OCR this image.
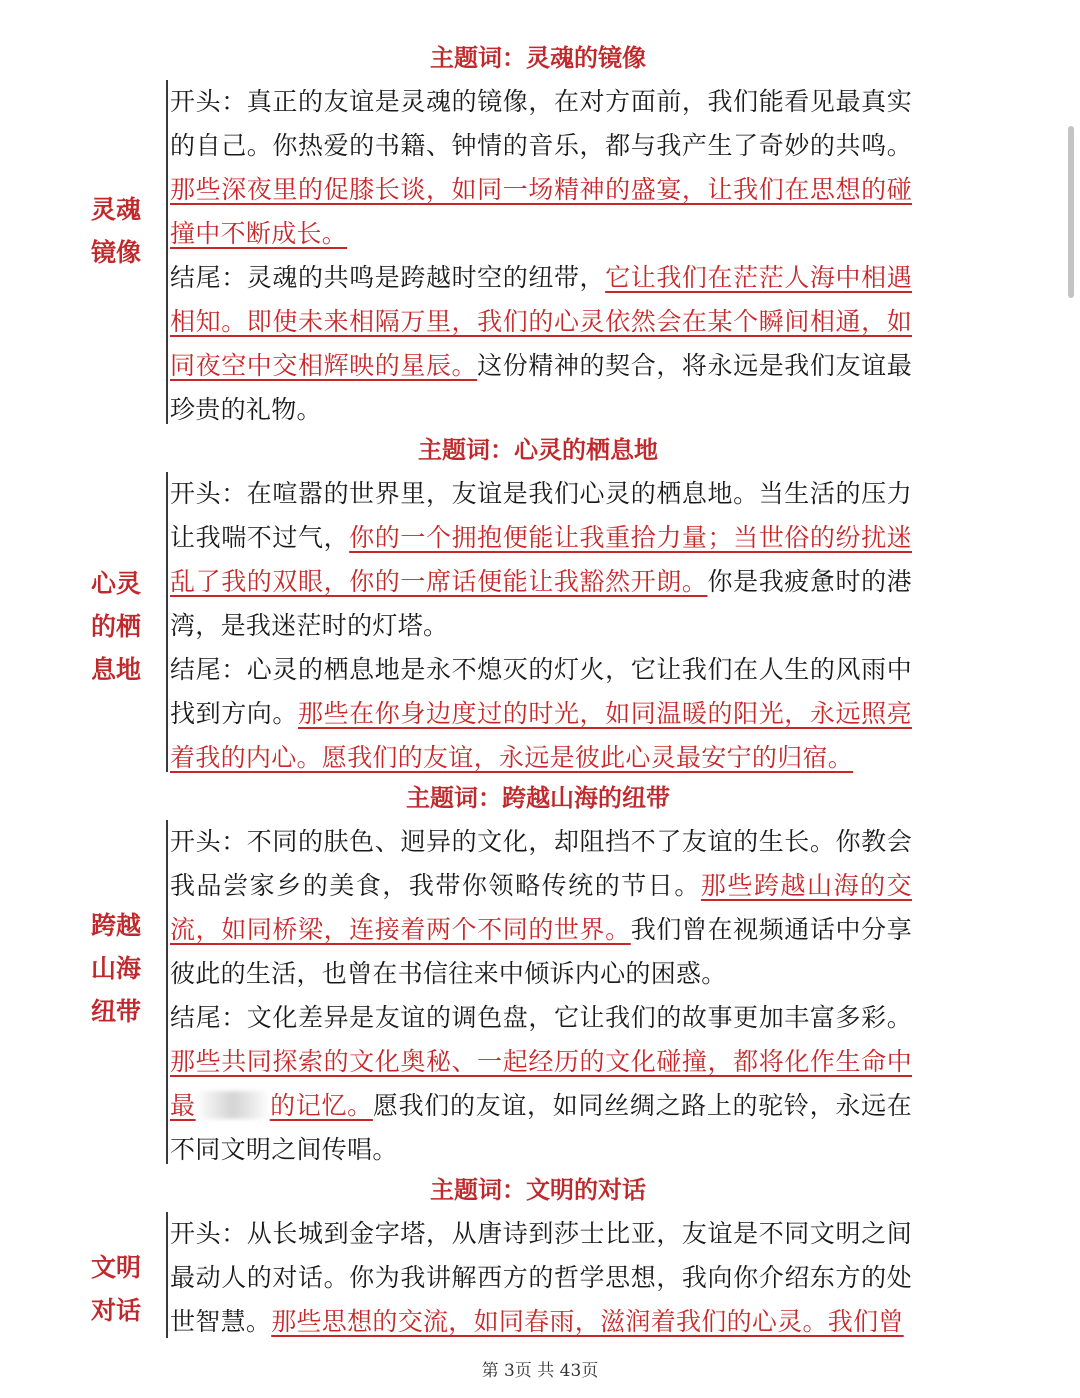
主题词：灵魂的镜像
灵魂
镜像

开头：真正的友谊是灵魂的镜像，在对方面前，我们能看见最真实的自己。你热爱的书籍、钟情的音乐，都与我产生了奇妙的共鸣。那些深夜里的促膝长谈，如同一场精神的盛宴，让我们在思想的碰撞中不断成长。

结尾：灵魂的共鸣是跨越时空的纽带，它让我们在茫茫人海中相遇相知。即使未来相隔万里，我们的心灵依然会在某个瞬间相通，如同夜空中交相辉映的星辰。这份精神的契合，将永远是我们友谊最珍贵的礼物。

主题词：心灵的栖息地
心灵
的栖
息地

开头：在喧嚣的世界里，友谊是我们心灵的栖息地。当生活的压力让我喘不过气，你的一个拥抱便能让我重拾力量；当世俗的纷扰迷乱了我的双眼，你的一席话便能让我豁然开朗。你是我疲惫时的港湾，是我迷茫时的灯塔。

结尾：心灵的栖息地是永不熄灭的灯火，它让我们在人生的风雨中找到方向。那些在你身边度过的时光，如同温暖的阳光，永远照亮着我的内心。愿我们的友谊，永远是彼此心灵最安宁的归宿。

主题词：跨越山海的纽带
跨越
山海
纽带

开头：不同的肤色、迥异的文化，却阻挡不了友谊的生长。你教会我品尝家乡的美食，我带你领略传统的节日。那些跨越山海的交流，如同桥梁，连接着两个不同的世界。我们曾在视频通话中分享彼此的生活，也曾在书信往来中倾诉内心的困惑。

结尾：文化差异是友谊的调色盘，它让我们的故事更加丰富多彩。那些共同探索的文化奥秘、一起经历的文化碰撞，都将化作生命中最	的记忆。愿我们的友谊，如同丝绸之路上的驼铃，永远在不同文明之间传唱。

主题词：文明的对话
文明
对话

开头：从长城到金字塔，从唐诗到莎士比亚，友谊是不同文明之间最动人的对话。你为我讲解西方的哲学思想，我向你介绍东方的处世智慧。那些思想的交流，如同春雨，滋润着我们的心灵。我们曾

第 3页 共 43页
